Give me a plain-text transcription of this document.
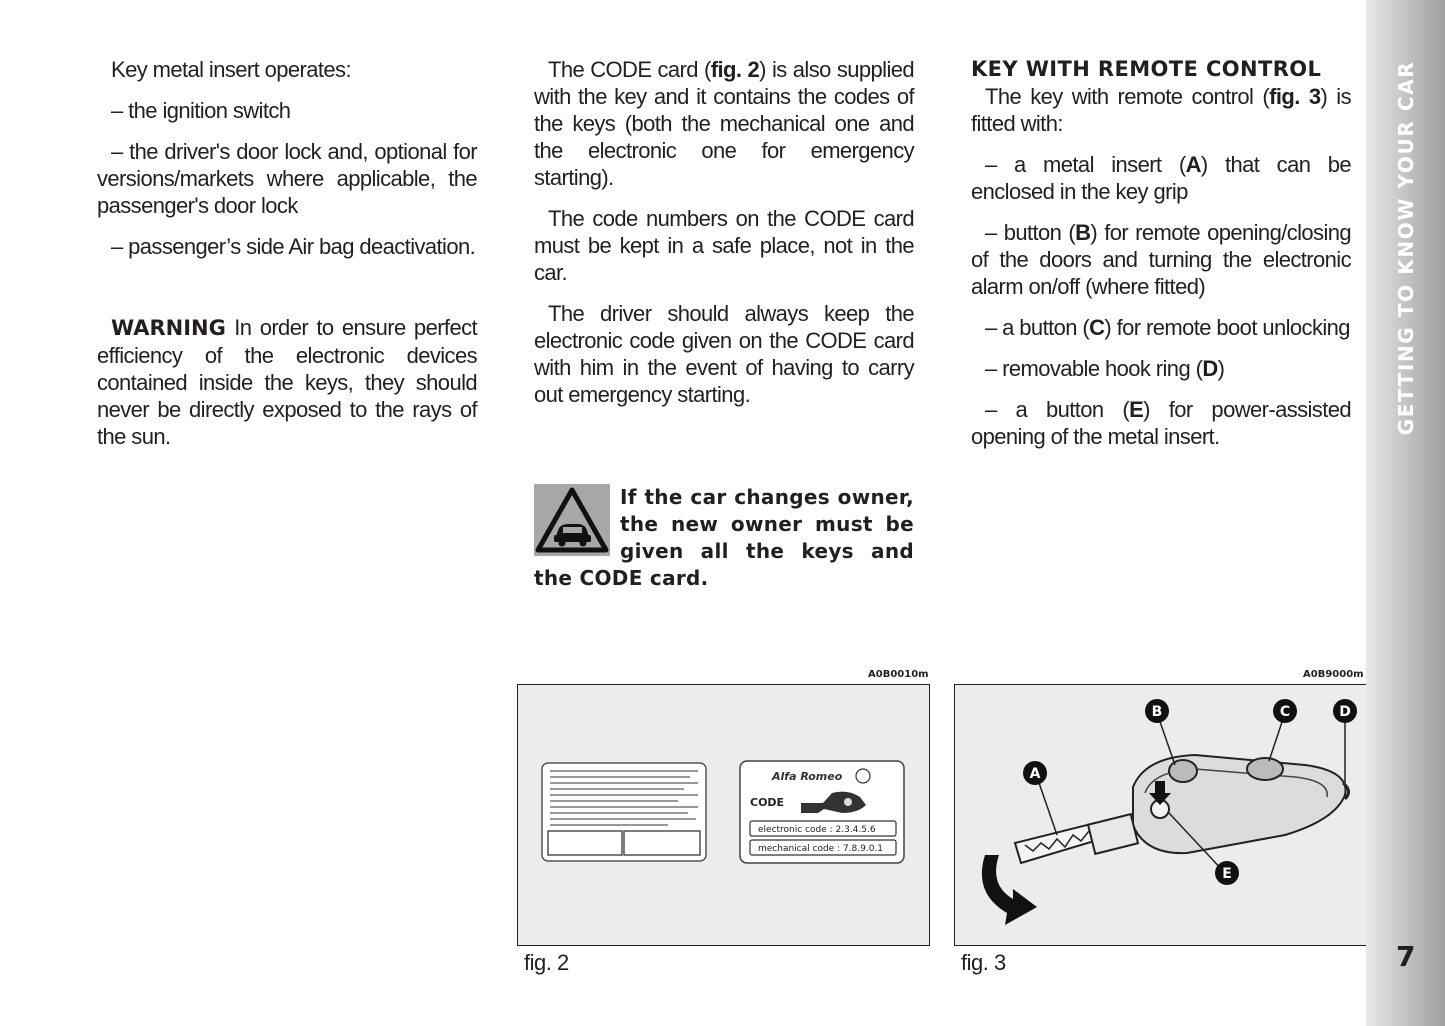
Key metal insert operates:

– the ignition switch

– the driver's door lock and, optional for versions/markets where applicable, the passenger's door lock

– passenger’s side Air bag deactivation.

WARNING In order to ensure perfect efficiency of the electronic devices contained inside the keys, they should never be directly exposed to the rays of the sun.

The CODE card (fig. 2) is also supplied with the key and it contains the codes of the keys (both the mechanical one and the electronic one for emergency starting).

The code numbers on the CODE card must be kept in a safe place, not in the car.

The driver should always keep the electronic code given on the CODE card with him in the event of having to carry out emergency starting.

If the car changes owner, the new owner must be given all the keys and the CODE card.

KEY WITH REMOTE CONTROL

The key with remote control (fig. 3) is fitted with:

– a metal insert (A) that can be enclosed in the key grip

– button (B) for remote opening/closing of the doors and turning the electronic alarm on/off (where fitted)

– a button (C) for remote boot unlocking

– removable hook ring (D)

– a button (E) for power-assisted opening of the metal insert.

A0B0010m
Alfa Romeo
CODE
electronic code : 2.3.4.5.6
mechanical code : 7.8.9.0.1
fig. 2
A0B9000m
A
B	C	D
E
fig. 3
GETTING TO KNOW YOUR CAR
7
